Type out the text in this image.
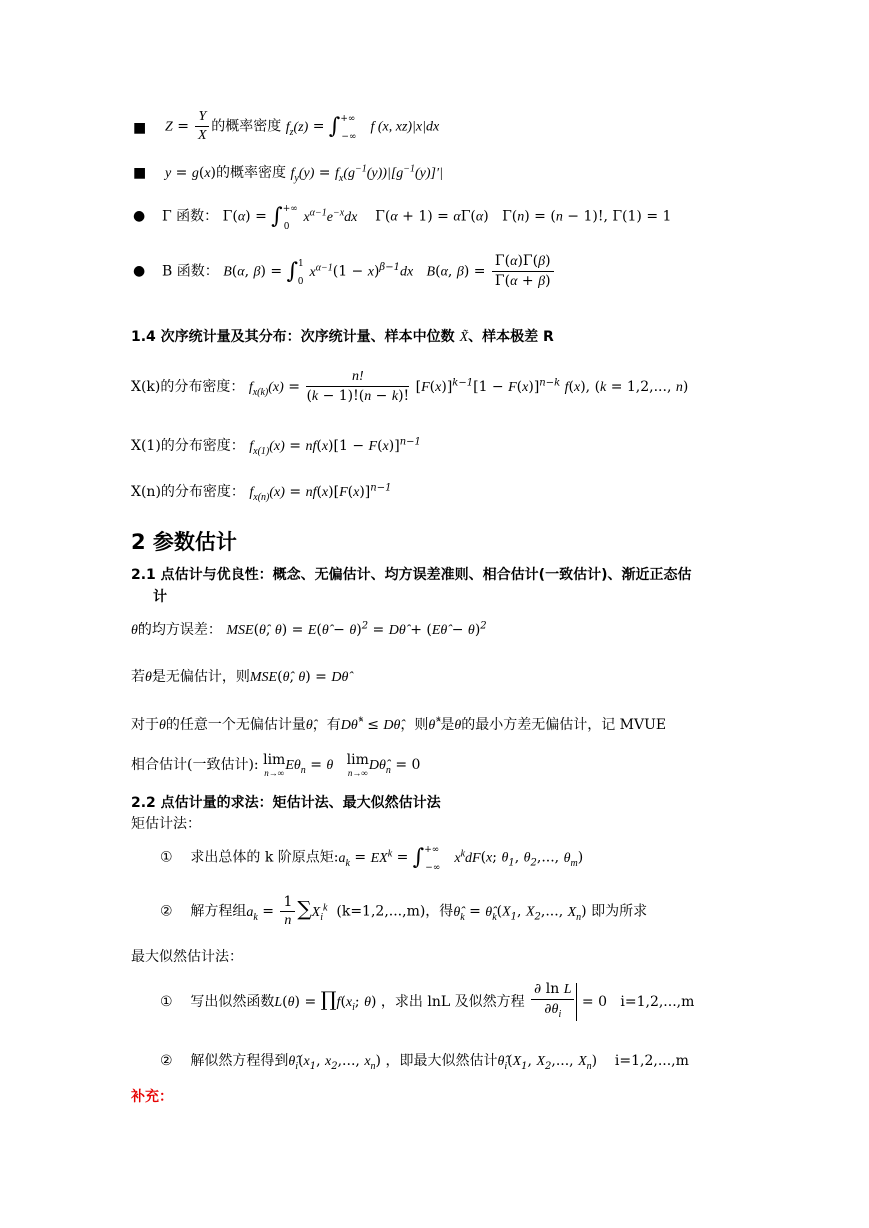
■ $Z = \frac{Y}{X}$ 的概率密度 $f_z(z) = \int^{+\infty}_{-\infty}f$ (x, xz)|x|dx
■ y = g(x)的概率密度 $f_y(y) = f_x(g^{-1}(y))|[g^{-1}(y)]'|$
● Γ 函数： $\Gamma(\alpha) = \int^{+\infty}_0x^{\alpha-1}e^{-x}dx$    Γ(α + 1) = αΓ(α)   Γ(n) = (n − 1)!, Γ(1) = 1
● B 函数： B(α, $\beta) = \int^1_0x^{\alpha-1}(1 - x)^{\beta-1}dx$ B(α, $\beta) = \frac{\Gamma(\alpha)\Gamma(\beta)}{\Gamma(\alpha + \beta)}$
1.4 次序统计量及其分布：次序统计量、样本中位数 X̃、样本极差 R
X(k)的分布密度： $f_{x(k)}(x) = \frac{n!}{(k - 1)!(n - k)!} [F(x)]^{k-1}[1 - F(x)]^{n-k}$ f(x), (k = 1,2,..., n)
X(1)的分布密度： $f_{x(1)}(x) = nf(x)[1 - F(x)]^{n-1}$
X(n)的分布密度： $f_{x(n)}(x) = nf(x)[F(x)]^{n-1}$
2 参数估计
2.1 点估计与优良性：概念、无偏估计、均方误差准则、相合估计(一致估计)、渐近正态估
计
θ̂的均方误差： MSE(θ̂, θ) = E(θ̂ − θ)$^2$ = Dθ̂ + (Eθ̂ − θ)$^2$
若θ̂是无偏估计，则MSE(θ̂, θ) = Dθ̂
对于θ的任意一个无偏估计量θ̂，有Dθ̂* ≤ Dθ̂，则θ̂*是θ的最小方差无偏估计，记 MVUE
相合估计(一致估计): lim
n→∞ $E\theta_n = \theta$ lim
n→∞ $D\thetâ_n = 0$
2.2 点估计量的求法：矩估计法、最大似然估计法
矩估计法：
① 求出总体的 k 阶原点矩$:a_k = EX^k = \int^{+\infty}_{-\infty}x^kdF(x$; $\theta_1$, $\theta_2$,..., $\theta_m$)
② 解方程组$a_k = \frac{1}{n} \sum X_i^k$ (k=1,2,...,m)，得$\thetâ_k$ = $\thetâ_k(X_1$, $X_2$,..., $X_n$) 即为所求
最大似然估计法：
① 写出似然函数$L(\theta) = \prod f(x_i$; θ) ，求出 lnL 及似然方程 $\frac{\text{∂ ln L}}{\partial\theta_i} = 0$   i=1,2,...,m
② 解似然方程得到$\thetâ_i(x_1$, $x_2$,..., $x_n$) ，即最大似然估计$\thetâ_i(X_1$, $X_2$,..., $X_n$)    i=1,2,...,m
补充：
